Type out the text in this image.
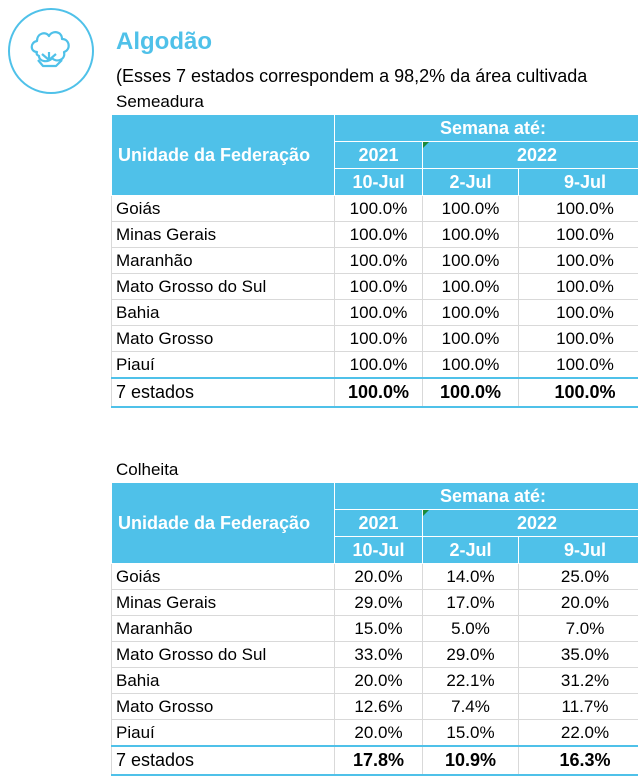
Algodão
(Esses 7 estados correspondem a 98,2% da área cultivada
Semeadura
Unidade da Federação	Semana até:		
	2021	2022	
	10-Jul	2-Jul	9-Jul
Goiás	100.0%	100.0%	100.0%
Minas Gerais	100.0%	100.0%	100.0%
Maranhão	100.0%	100.0%	100.0%
Mato Grosso do Sul	100.0%	100.0%	100.0%
Bahia	100.0%	100.0%	100.0%
Mato Grosso	100.0%	100.0%	100.0%
Piauí	100.0%	100.0%	100.0%
7 estados	100.0%	100.0%	100.0%
Colheita
Unidade da Federação	Semana até:		
	2021	2022	
	10-Jul	2-Jul	9-Jul
Goiás	20.0%	14.0%	25.0%
Minas Gerais	29.0%	17.0%	20.0%
Maranhão	15.0%	5.0%	7.0%
Mato Grosso do Sul	33.0%	29.0%	35.0%
Bahia	20.0%	22.1%	31.2%
Mato Grosso	12.6%	7.4%	11.7%
Piauí	20.0%	15.0%	22.0%
7 estados	17.8%	10.9%	16.3%
